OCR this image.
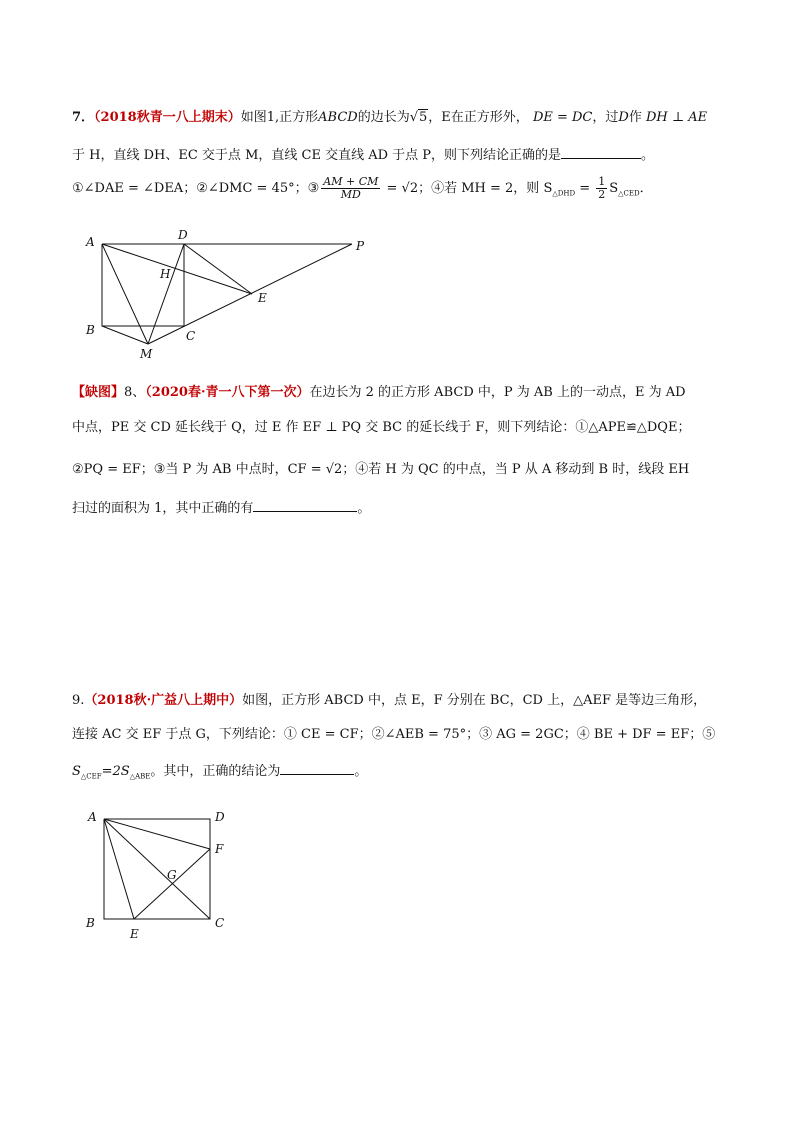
7．（2018秋青一八上期末）如图1,正方形ABCD的边长为√5，E在正方形外， DE = DC，过D作 DH ⊥ AE
于 H，直线 DH、EC 交于点 M，直线 CE 交直线 AD 于点 P，则下列结论正确的是	。
①∠DAE = ∠DEA；②∠DMC = 45°；③ $\frac{AM + CM}{MD} = √2$；④若 MH = 2，则 $S_{\triangle DHD} = \frac{1}{2} S_{\triangle CED}$．
A	D
P
H
E
B	C
M
【缺图】8、（2020春·青一八下第一次）在边长为 2 的正方形 ABCD 中，P 为 AB 上的一动点，E 为 AD
中点，PE 交 CD 延长线于 Q，过 E 作 EF ⊥ PQ 交 BC 的延长线于 F，则下列结论：①△APE≌△DQE；
②PQ = EF；③当 P 为 AB 中点时，CF = √2；④若 H 为 QC 的中点，当 P 从 A 移动到 B 时，线段 EH
扫过的面积为 1，其中正确的有	。
9.（2018秋·广益八上期中）如图，正方形 ABCD 中，点 E，F 分别在 BC，CD 上，△AEF 是等边三角形，
连接 AC 交 EF 于点 G，下列结论：① CE = CF；②∠AEB = 75°；③ AG = 2GC；④ BE + DF = EF；⑤
$S_{\triangle CEF}=2S_{\triangle ABE}$。其中，正确的结论为	。
A	D
F
G
B
E
C
